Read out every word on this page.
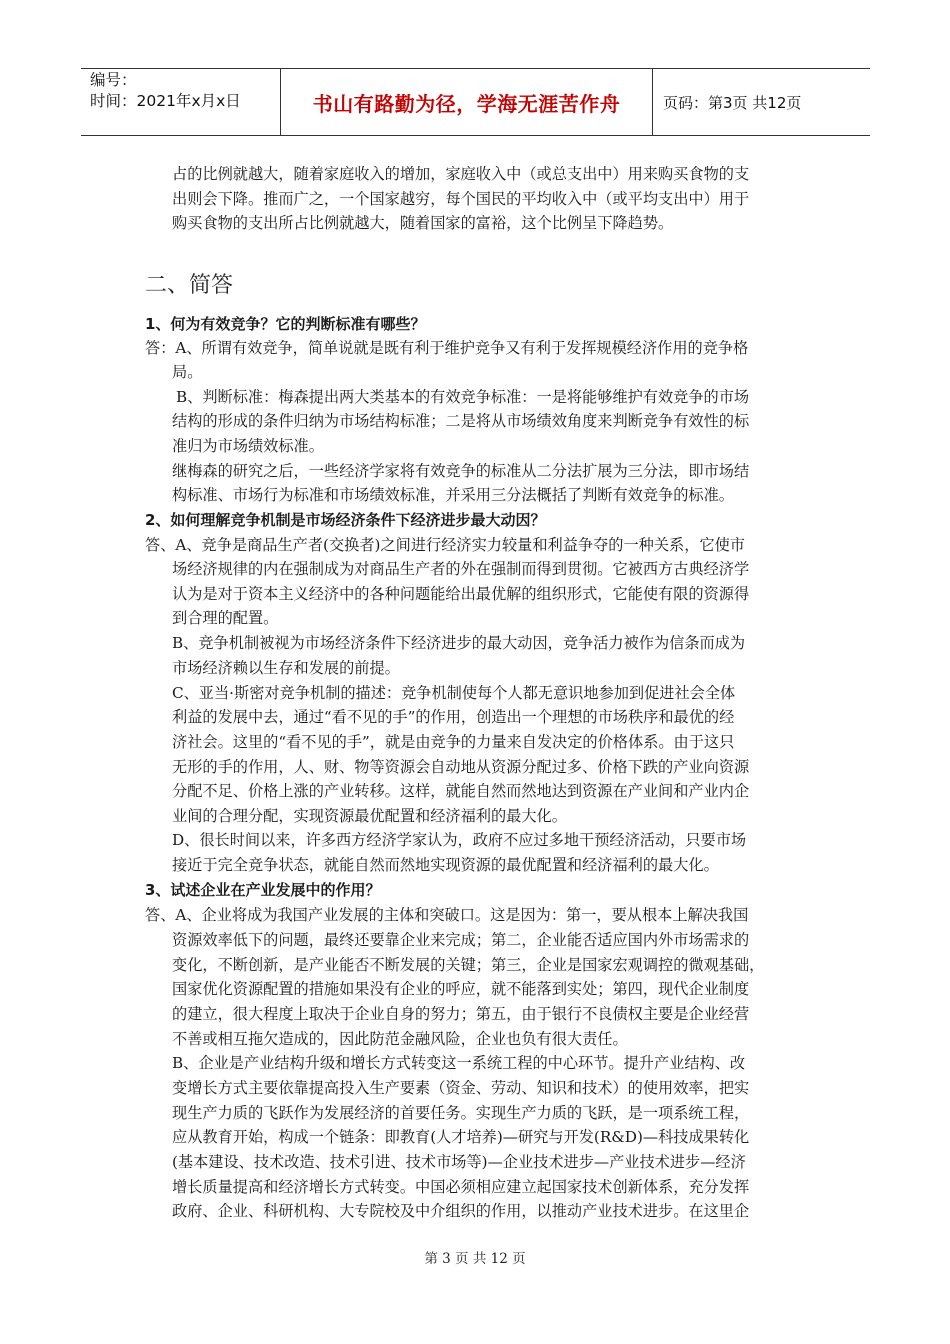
编号：
时间：2021年x月x日	书山有路勤为径，学海无涯苦作舟	页码：第3页 共12页
占的比例就越大，随着家庭收入的增加，家庭收入中（或总支出中）用来购买食物的支
出则会下降。推而广之，一个国家越穷，每个国民的平均收入中（或平均支出中）用于
购买食物的支出所占比例就越大，随着国家的富裕，这个比例呈下降趋势。
二、简答
1、何为有效竞争？它的判断标准有哪些？
答：A、所谓有效竞争，简单说就是既有利于维护竞争又有利于发挥规模经济作用的竞争格
局。
B、判断标准：梅森提出两大类基本的有效竞争标准：一是将能够维护有效竞争的市场
结构的形成的条件归纳为市场结构标准；二是将从市场绩效角度来判断竞争有效性的标
准归为市场绩效标准。
继梅森的研究之后，一些经济学家将有效竞争的标准从二分法扩展为三分法，即市场结
构标准、市场行为标准和市场绩效标准，并采用三分法概括了判断有效竞争的标准。
2、如何理解竞争机制是市场经济条件下经济进步最大动因？
答、A、竞争是商品生产者(交换者)之间进行经济实力较量和利益争夺的一种关系，它使市
场经济规律的内在强制成为对商品生产者的外在强制而得到贯彻。它被西方古典经济学
认为是对于资本主义经济中的各种问题能给出最优解的组织形式，它能使有限的资源得
到合理的配置。
B、竞争机制被视为市场经济条件下经济进步的最大动因，竞争活力被作为信条而成为
市场经济赖以生存和发展的前提。
C、亚当·斯密对竞争机制的描述：竞争机制使每个人都无意识地参加到促进社会全体
利益的发展中去，通过“看不见的手”的作用，创造出一个理想的市场秩序和最优的经
济社会。这里的“看不见的手”，就是由竞争的力量来自发决定的价格体系。由于这只
无形的手的作用，人、财、物等资源会自动地从资源分配过多、价格下跌的产业向资源
分配不足、价格上涨的产业转移。这样，就能自然而然地达到资源在产业间和产业内企
业间的合理分配，实现资源最优配置和经济福利的最大化。
D、很长时间以来，许多西方经济学家认为，政府不应过多地干预经济活动，只要市场
接近于完全竞争状态，就能自然而然地实现资源的最优配置和经济福利的最大化。
3、试述企业在产业发展中的作用？
答、A、企业将成为我国产业发展的主体和突破口。这是因为：第一，要从根本上解决我国
资源效率低下的问题，最终还要靠企业来完成；第二，企业能否适应国内外市场需求的
变化，不断创新，是产业能否不断发展的关键；第三，企业是国家宏观调控的微观基础，
国家优化资源配置的措施如果没有企业的呼应，就不能落到实处；第四，现代企业制度
的建立，很大程度上取决于企业自身的努力；第五，由于银行不良债权主要是企业经营
不善或相互拖欠造成的，因此防范金融风险，企业也负有很大责任。
B、企业是产业结构升级和增长方式转变这一系统工程的中心环节。提升产业结构、改
变增长方式主要依靠提高投入生产要素（资金、劳动、知识和技术）的使用效率，把实
现生产力质的飞跃作为发展经济的首要任务。实现生产力质的飞跃，是一项系统工程，
应从教育开始，构成一个链条：即教育(人才培养)—研究与开发(R&D)—科技成果转化
(基本建设、技术改造、技术引进、技术市场等)—企业技术进步—产业技术进步—经济
增长质量提高和经济增长方式转变。中国必须相应建立起国家技术创新体系，充分发挥
政府、企业、科研机构、大专院校及中介组织的作用，以推动产业技术进步。在这里企
第 3 页 共 12 页
